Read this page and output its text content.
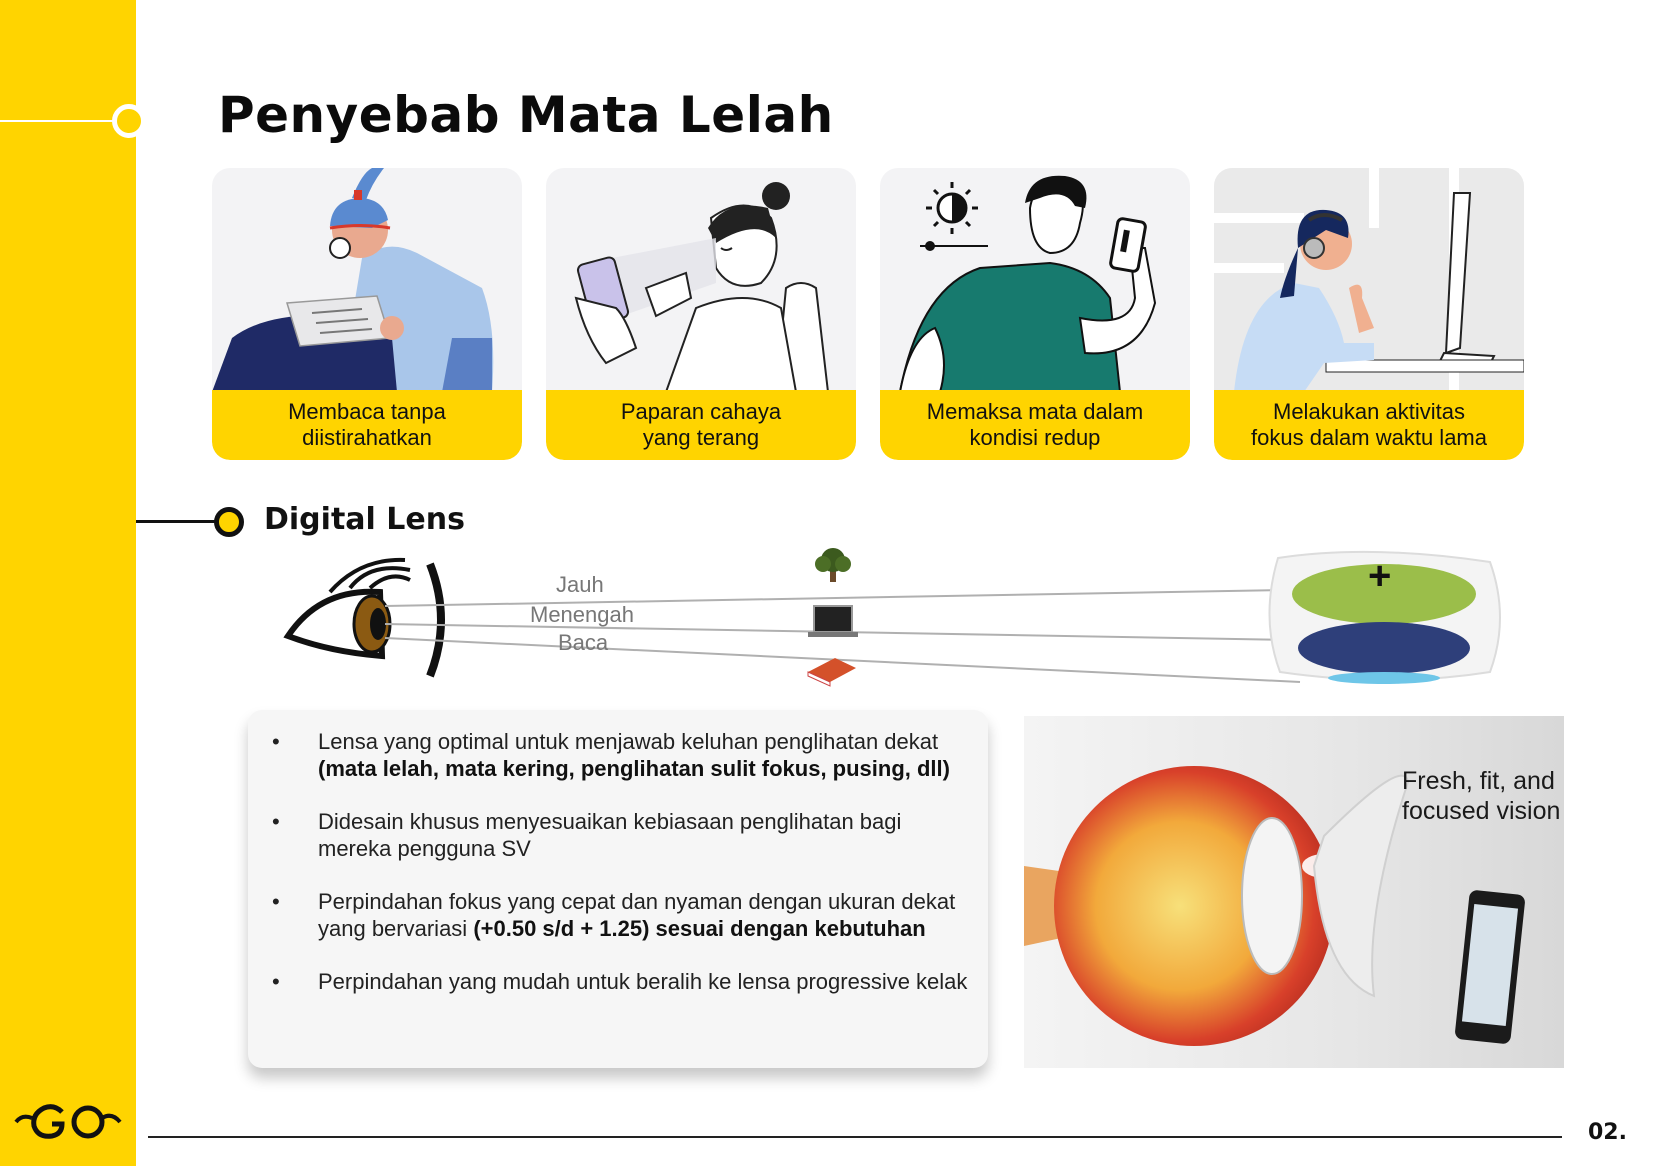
Penyebab Mata Lelah
Membaca tanpa
diistirahatkan
Paparan cahaya
yang terang
Memaksa mata dalam
kondisi redup
Melakukan aktivitas
fokus dalam waktu lama
Digital Lens
+
Jauh
Menengah
Baca
• Lensa yang optimal untuk menjawab keluhan penglihatan dekat (mata lelah, mata kering, penglihatan sulit fokus, pusing, dll)
• Didesain khusus menyesuaikan kebiasaan penglihatan bagi mereka pengguna SV
• Perpindahan fokus yang cepat dan nyaman dengan ukuran dekat yang bervariasi (+0.50 s/d + 1.25) sesuai dengan kebutuhan
• Perpindahan yang mudah untuk beralih ke lensa progressive kelak
Fresh, fit, and
focused vision
02.
